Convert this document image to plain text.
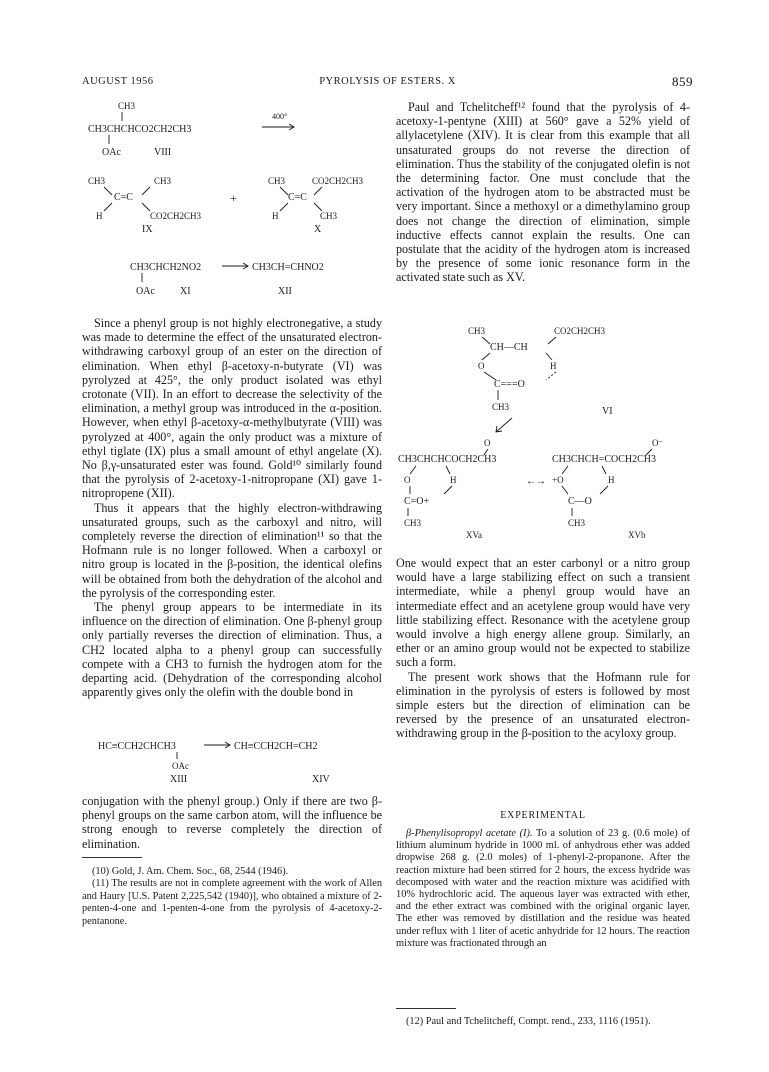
AUGUST 1956	PYROLYSIS OF ESTERS. X	859
CH3
CH3CHCHCO2CH2CH3
400°
OAc	VIII
CH3	CH3
C=C
H	CO2CH2CH3
IX
+
CH3	CO2CH2CH3
C=C
H	CH3
X
CH3CHCH2NO2	CH3CH=CHNO2
OAc	XI	XII

Since a phenyl group is not highly electronegative, a study was made to determine the effect of the unsaturated electron-withdrawing carboxyl group of an ester on the direction of elimination. When ethyl β-acetoxy-n-butyrate (VI) was pyrolyzed at 425°, the only product isolated was ethyl crotonate (VII). In an effort to decrease the selectivity of the elimination, a methyl group was introduced in the α-position. However, when ethyl β-acetoxy-α-methylbutyrate (VIII) was pyrolyzed at 400°, again the only product was a mixture of ethyl tiglate (IX) plus a small amount of ethyl angelate (X). No β,γ-unsaturated ester was found. Gold¹⁰ similarly found that the pyrolysis of 2-acetoxy-1-nitropropane (XI) gave 1-nitropropene (XII).

Thus it appears that the highly electron-withdrawing unsaturated groups, such as the carboxyl and nitro, will completely reverse the direction of elimination¹¹ so that the Hofmann rule is no longer followed. When a carboxyl or nitro group is located in the β-position, the identical olefins will be obtained from both the dehydration of the alcohol and the pyrolysis of the corresponding ester.

The phenyl group appears to be intermediate in its influence on the direction of elimination. One β-phenyl group only partially reverses the direction of elimination. Thus, a CH2 located alpha to a phenyl group can successfully compete with a CH3 to furnish the hydrogen atom for the departing acid. (Dehydration of the corresponding alcohol apparently gives only the olefin with the double bond in

HC≡CCH2CHCH3	CH≡CCH2CH=CH2
OAc
XIII	XIV

conjugation with the phenyl group.) Only if there are two β-phenyl groups on the same carbon atom, will the influence be strong enough to reverse completely the direction of elimination.

(10) Gold, J. Am. Chem. Soc., 68, 2544 (1946).

(11) The results are not in complete agreement with the work of Allen and Haury [U.S. Patent 2,225,542 (1940)], who obtained a mixture of 2-penten-4-one and 1-penten-4-one from the pyrolysis of 4-acetoxy-2-pentanone.

Paul and Tchelitcheff¹² found that the pyrolysis of 4-acetoxy-1-pentyne (XIII) at 560° gave a 52% yield of allylacetylene (XIV). It is clear from this example that all unsaturated groups do not reverse the direction of elimination. Thus the stability of the conjugated olefin is not the determining factor. One must conclude that the activation of the hydrogen atom to be abstracted must be very important. Since a methoxyl or a dimethylamino group does not change the direction of elimination, simple inductive effects cannot explain the results. One can postulate that the acidity of the hydrogen atom is increased by the presence of some ionic resonance form in the activated state such as XV.

CH3	CO2CH2CH3
CH—CH
O	H
C===O
CH3	VI
O
CH3CHCHCOCH2CH3
O	H
C=O+
CH3
XVa
←→
O⁻
CH3CHCH=COCH2CH3
+O	H
C—O
CH3
XVb

One would expect that an ester carbonyl or a nitro group would have a large stabilizing effect on such a transient intermediate, while a phenyl group would have an intermediate effect and an acetylene group would have very little stabilizing effect. Resonance with the acetylene group would involve a high energy allene group. Similarly, an ether or an amino group would not be expected to stabilize such a form.

The present work shows that the Hofmann rule for elimination in the pyrolysis of esters is followed by most simple esters but the direction of elimination can be reversed by the presence of an unsaturated electron-withdrawing group in the β-position to the acyloxy group.

EXPERIMENTAL

β-Phenylisopropyl acetate (I). To a solution of 23 g. (0.6 mole) of lithium aluminum hydride in 1000 ml. of anhydrous ether was added dropwise 268 g. (2.0 moles) of 1-phenyl-2-propanone. After the reaction mixture had been stirred for 2 hours, the excess hydride was decomposed with water and the reaction mixture was acidified with 10% hydrochloric acid. The aqueous layer was extracted with ether, and the ether extract was combined with the original organic layer. The ether was removed by distillation and the residue was heated under reflux with 1 liter of acetic anhydride for 12 hours. The reaction mixture was fractionated through an

(12) Paul and Tchelitcheff, Compt. rend., 233, 1116 (1951).
